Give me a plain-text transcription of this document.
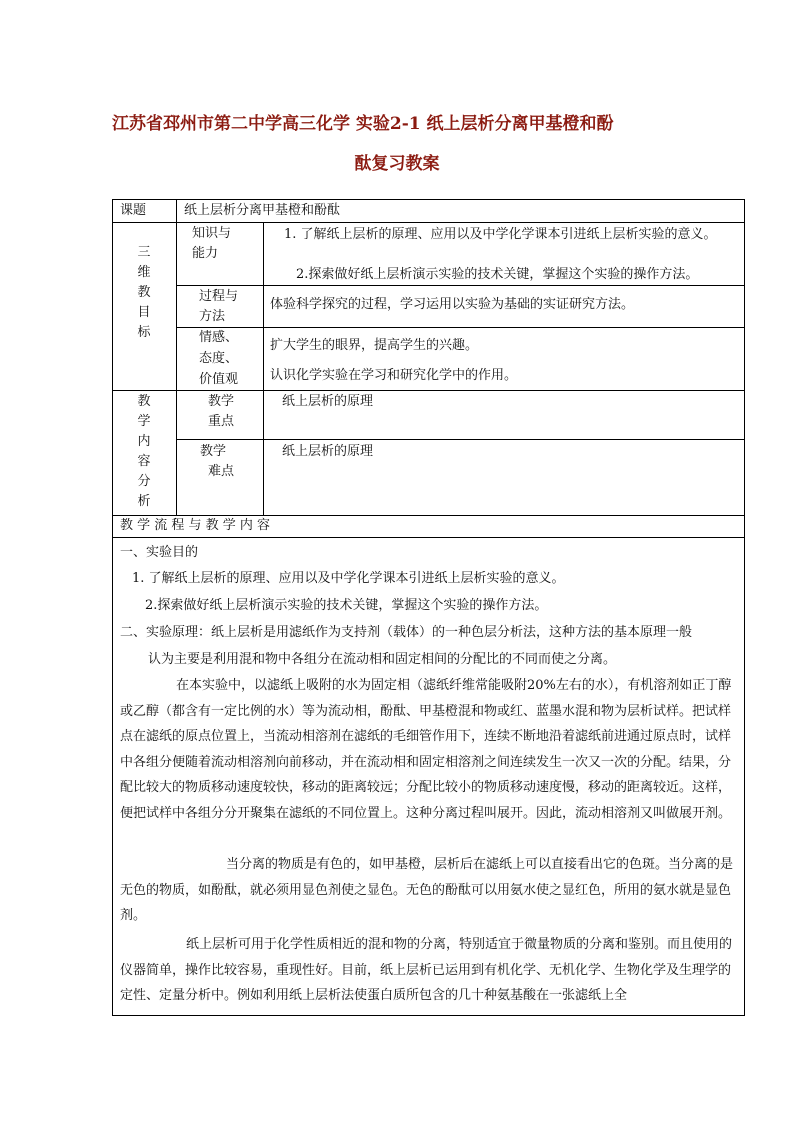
江苏省邳州市第二中学高三化学 实验2-1 纸上层析分离甲基橙和酚
酞复习教案
课题	纸上层析分离甲基橙和酚酞
三维教目标
知识与
能力
1. 了解纸上层析的原理、应用以及中学化学课本引进纸上层析实验的意义。
2.探索做好纸上层析演示实验的技术关键，掌握这个实验的操作方法。
过程与
方法
体验科学探究的过程，学习运用以实验为基础的实证研究方法。
情感、
态度、
价值观
扩大学生的眼界，提高学生的兴趣。
认识化学实验在学习和研究化学中的作用。
教学内容分析
教学
重点
纸上层析的原理
教学
难点
纸上层析的原理
教 学 流 程 与 教 学 内 容
一、实验目的
1. 了解纸上层析的原理、应用以及中学化学课本引进纸上层析实验的意义。
2.探索做好纸上层析演示实验的技术关键，掌握这个实验的操作方法。
二、实验原理：纸上层析是用滤纸作为支持剂（载体）的一种色层分析法，这种方法的基本原理一般
认为主要是利用混和物中各组分在流动相和固定相间的分配比的不同而使之分离。
在本实验中，以滤纸上吸附的水为固定相（滤纸纤维常能吸附20%左右的水），有机溶剂如正丁醇或乙醇（都含有一定比例的水）等为流动相，酚酞、甲基橙混和物或红、蓝墨水混和物为层析试样。把试样点在滤纸的原点位置上，当流动相溶剂在滤纸的毛细管作用下，连续不断地沿着滤纸前进通过原点时，试样中各组分便随着流动相溶剂向前移动，并在流动相和固定相溶剂之间连续发生一次又一次的分配。结果，分配比较大的物质移动速度较快，移动的距离较远；分配比较小的物质移动速度慢，移动的距离较近。这样，便把试样中各组分分开聚集在滤纸的不同位置上。这种分离过程叫展开。因此，流动相溶剂又叫做展开剂。
当分离的物质是有色的，如甲基橙，层析后在滤纸上可以直接看出它的色斑。当分离的是无色的物质，如酚酞，就必须用显色剂使之显色。无色的酚酞可以用氨水使之显红色，所用的氨水就是显色剂。
纸上层析可用于化学性质相近的混和物的分离，特别适宜于微量物质的分离和鉴别。而且使用的仪器简单，操作比较容易，重现性好。目前，纸上层析已运用到有机化学、无机化学、生物化学及生理学的定性、定量分析中。例如利用纸上层析法使蛋白质所包含的几十种氨基酸在一张滤纸上全
